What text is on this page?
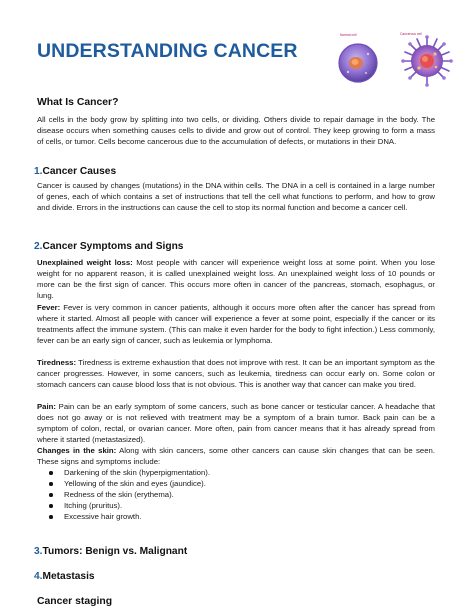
UNDERSTANDING CANCER
Normal cell	Cancerous cell
What Is Cancer?

All cells in the body grow by splitting into two cells, or dividing. Others divide to repair damage in the body. The disease occurs when something causes cells to divide and grow out of control. They keep growing to form a mass of cells, or tumor. Cells become cancerous due to the accumulation of defects, or mutations in their DNA.

1.Cancer Causes

Cancer is caused by changes (mutations) in the DNA within cells. The DNA in a cell is contained in a large number of genes, each of which contains a set of instructions that tell the cell what functions to perform, and how to grow and divide. Errors in the instructions can cause the cell to stop its normal function and become a cancer cell.

2.Cancer Symptoms and Signs

Unexplained weight loss: Most people with cancer will experience weight loss at some point. When you lose weight for no apparent reason, it is called unexplained weight loss. An unexplained weight loss of 10 pounds or more can be the first sign of cancer. This occurs more often in cancer of the pancreas, stomach, esophagus, or lung.

Fever: Fever is very common in cancer patients, although it occurs more often after the cancer has spread from where it started. Almost all people with cancer will experience a fever at some point, especially if the cancer or its treatments affect the immune system. (This can make it even harder for the body to fight infection.) Less commonly, fever can be an early sign of cancer, such as leukemia or lymphoma.

Tiredness: Tiredness is extreme exhaustion that does not improve with rest. It can be an important symptom as the cancer progresses. However, in some cancers, such as leukemia, tiredness can occur early on. Some colon or stomach cancers can cause blood loss that is not obvious. This is another way that cancer can make you tired.

Pain: Pain can be an early symptom of some cancers, such as bone cancer or testicular cancer. A headache that does not go away or is not relieved with treatment may be a symptom of a brain tumor. Back pain can be a symptom of colon, rectal, or ovarian cancer. More often, pain from cancer means that it has already spread from where it started (metastasized).

Changes in the skin: Along with skin cancers, some other cancers can cause skin changes that can be seen. These signs and symptoms include:

Darkening of the skin (hyperpigmentation).
Yellowing of the skin and eyes (jaundice).
Redness of the skin (erythema).
Itching (pruritus).
Excessive hair growth.
3.Tumors: Benign vs. Malignant
4.Metastasis
Cancer staging
